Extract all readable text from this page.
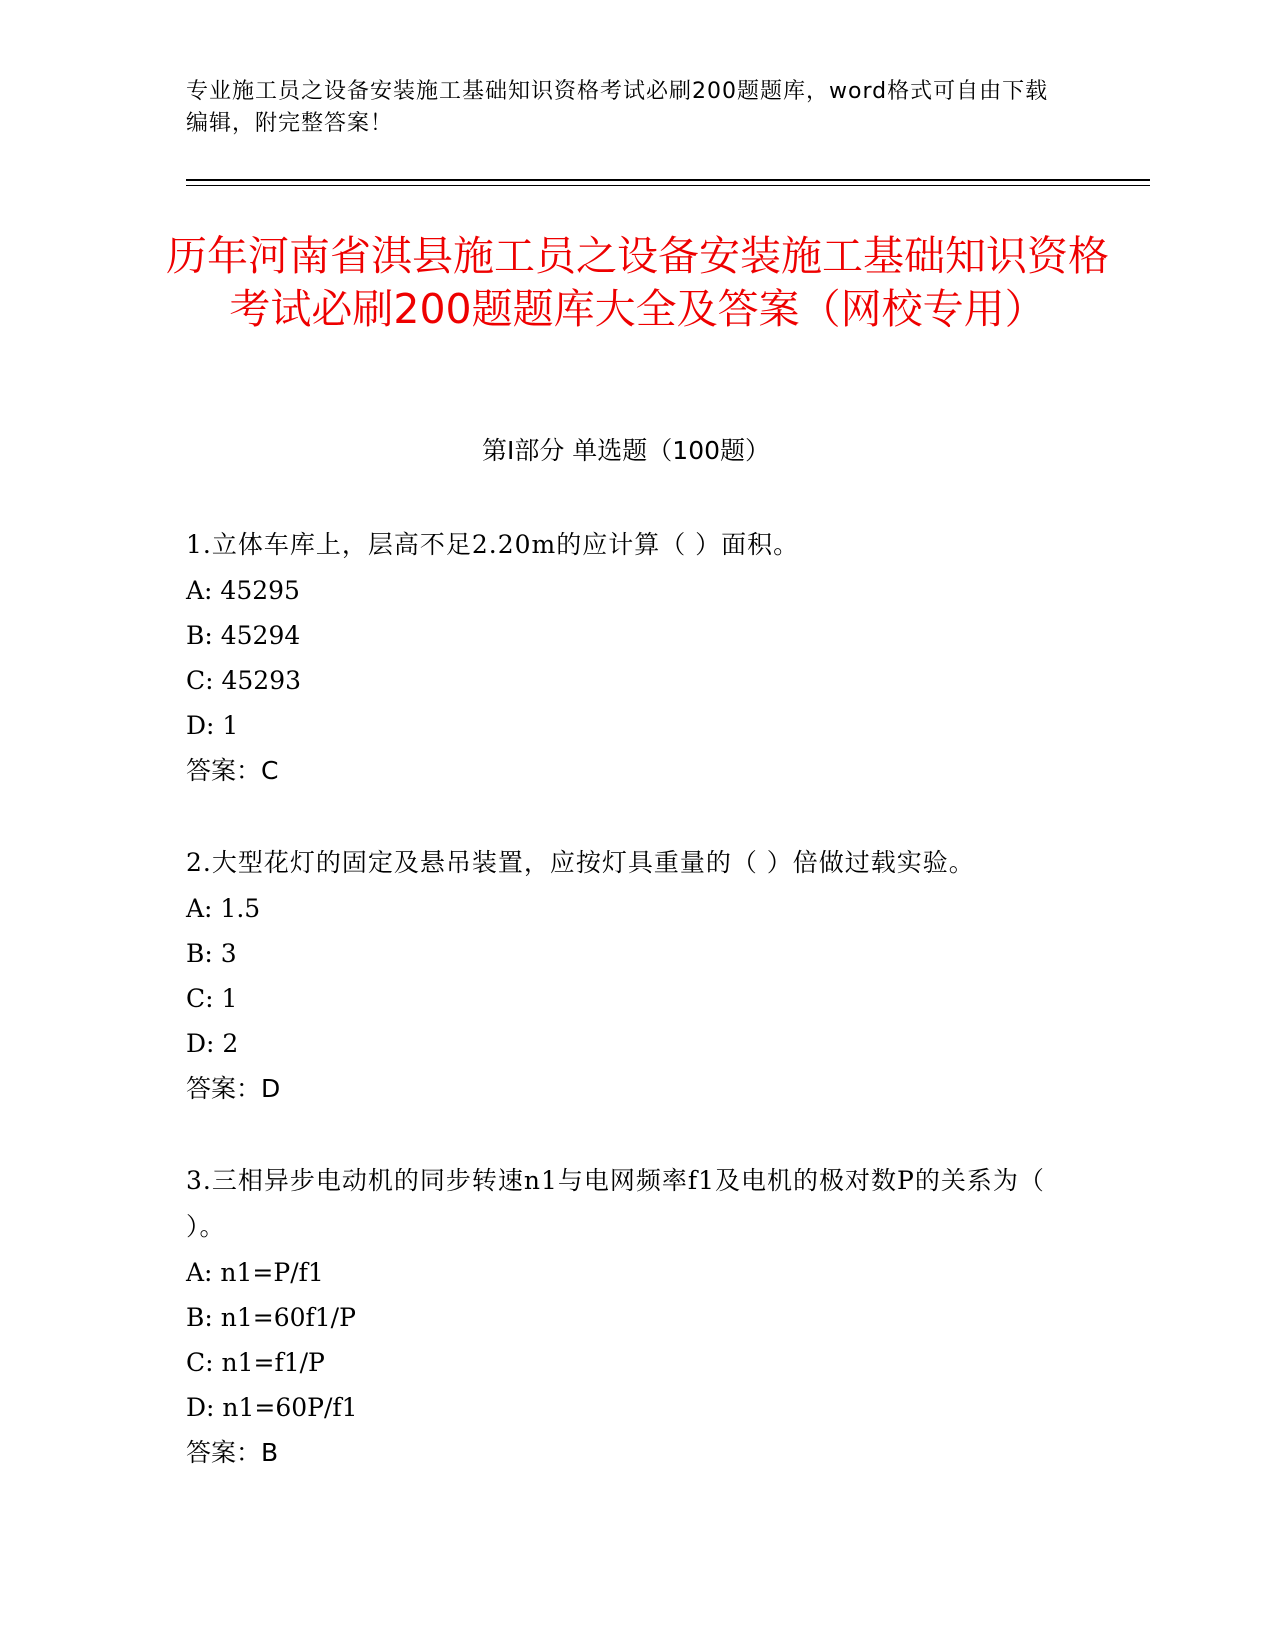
专业施工员之设备安装施工基础知识资格考试必刷200题题库，word格式可自由下载编辑，附完整答案！
历年河南省淇县施工员之设备安装施工基础知识资格考试必刷200题题库大全及答案（网校专用）
第Ⅰ部分 单选题（100题）

1.立体车库上，层高不足2.20m的应计算（ ）面积。

A: 45295

B: 45294

C: 45293

D: 1

答案：C

2.大型花灯的固定及悬吊装置，应按灯具重量的（ ）倍做过载实验。

A: 1.5

B: 3

C: 1

D: 2

答案：D

3.三相异步电动机的同步转速n1与电网频率f1及电机的极对数P的关系为（ ）。

A: n1=P/f1

B: n1=60f1/P

C: n1=f1/P

D: n1=60P/f1

答案：B
